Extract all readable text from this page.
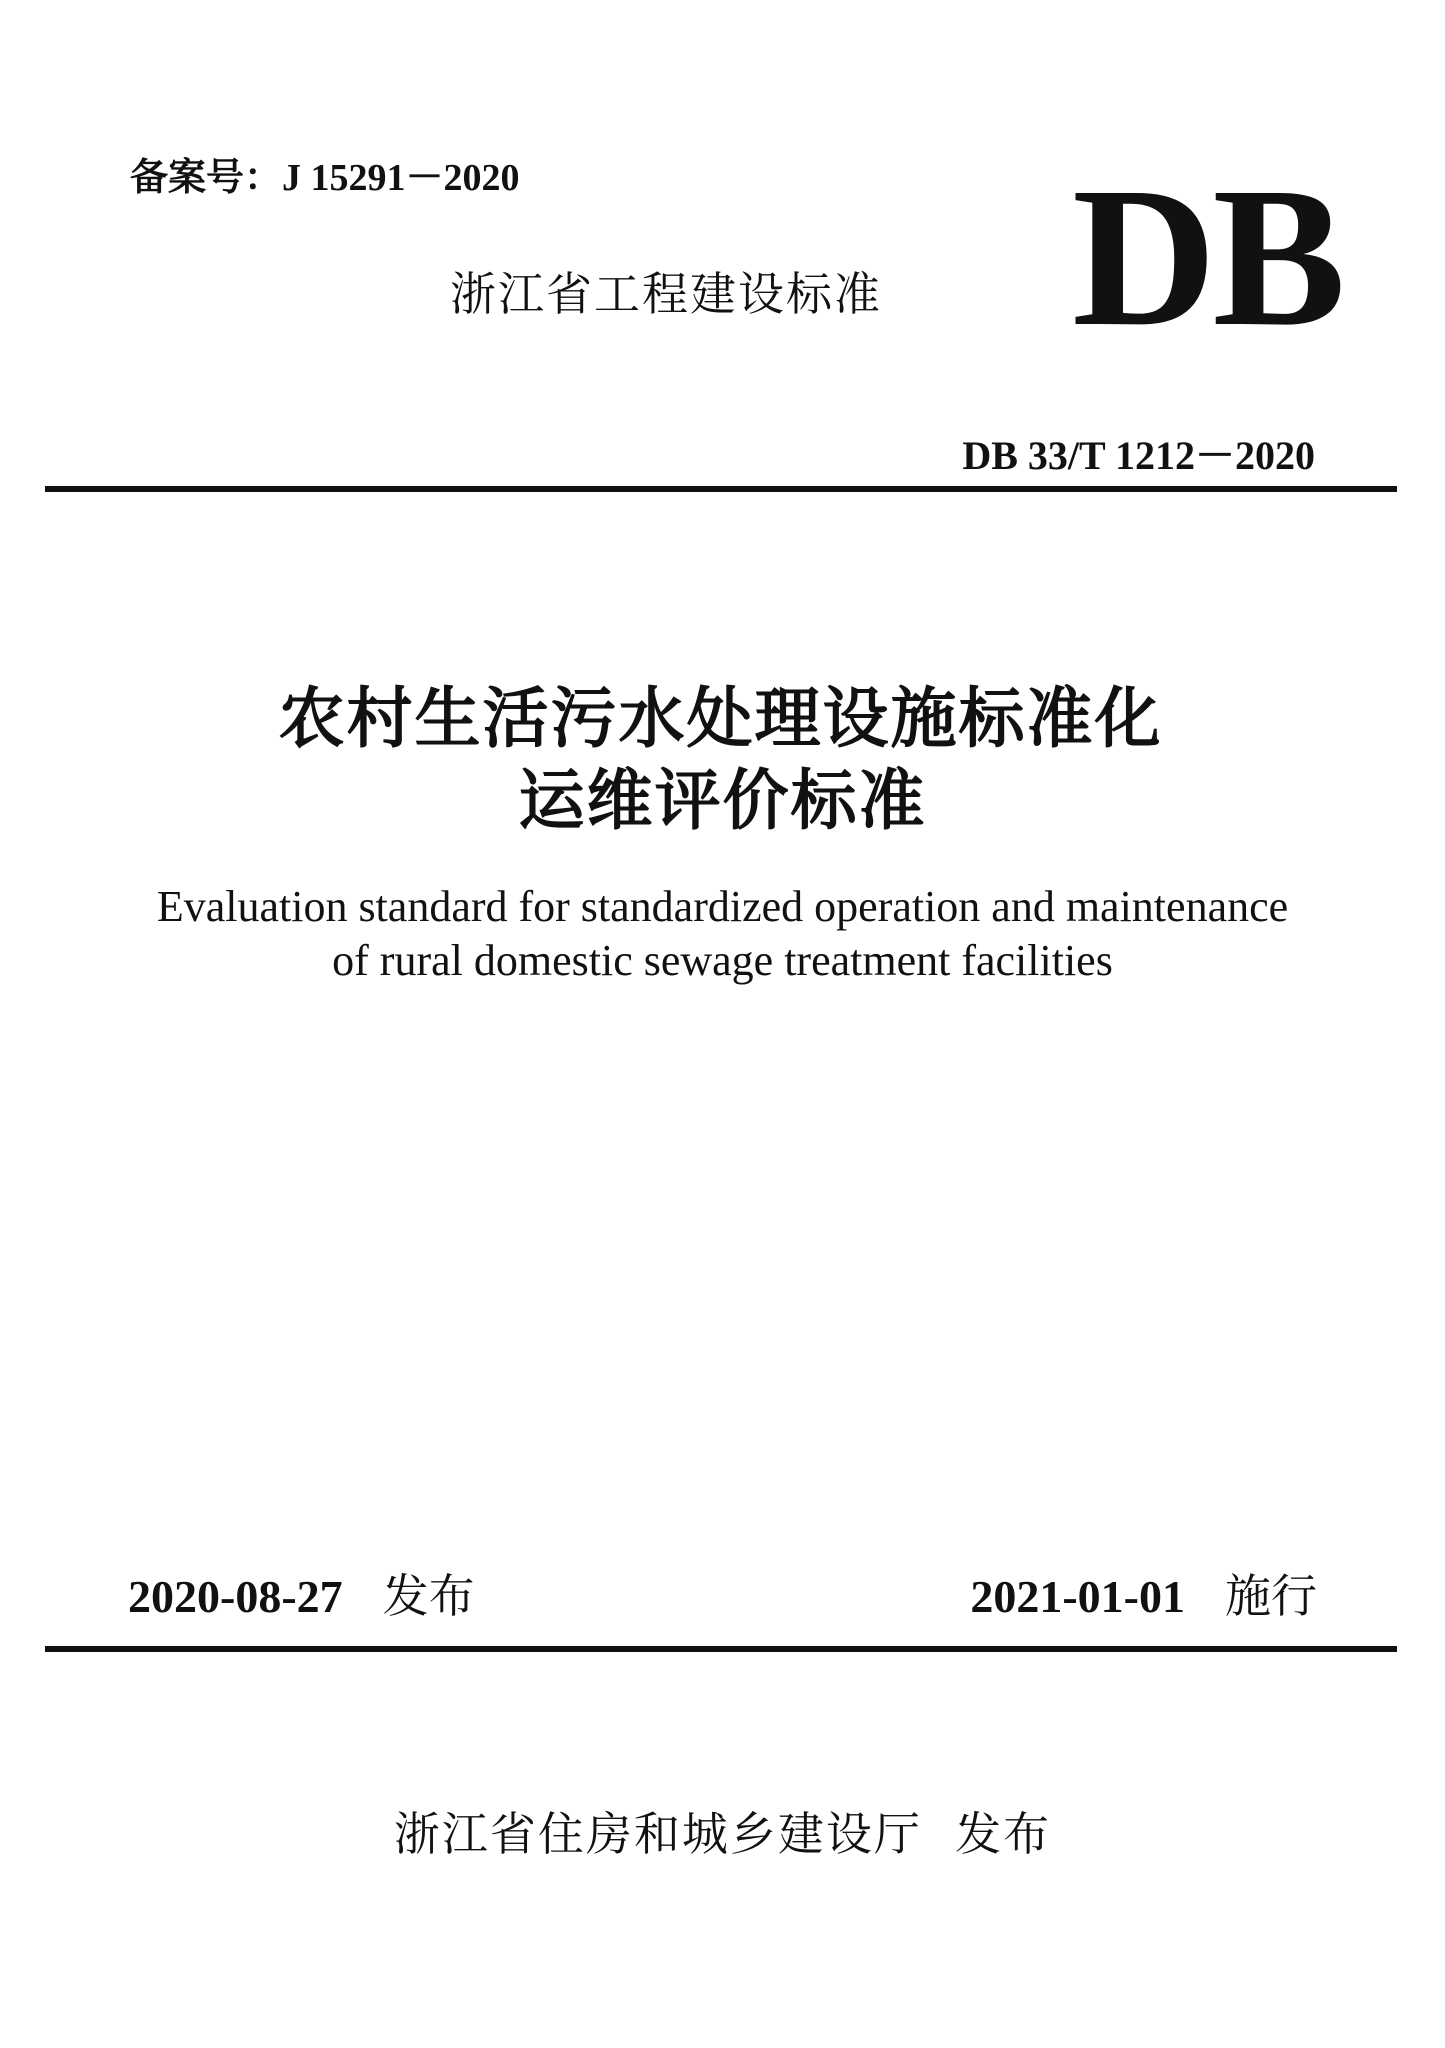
备案号：J 15291－2020
浙江省工程建设标准 DB
DB 33/T 1212－2020
农村生活污水处理设施标准化
运维评价标准
Evaluation standard for standardized operation and maintenance
of rural domestic sewage treatment facilities
2020-08-27 发布	2021-01-01 施行
浙江省住房和城乡建设厅  发布
